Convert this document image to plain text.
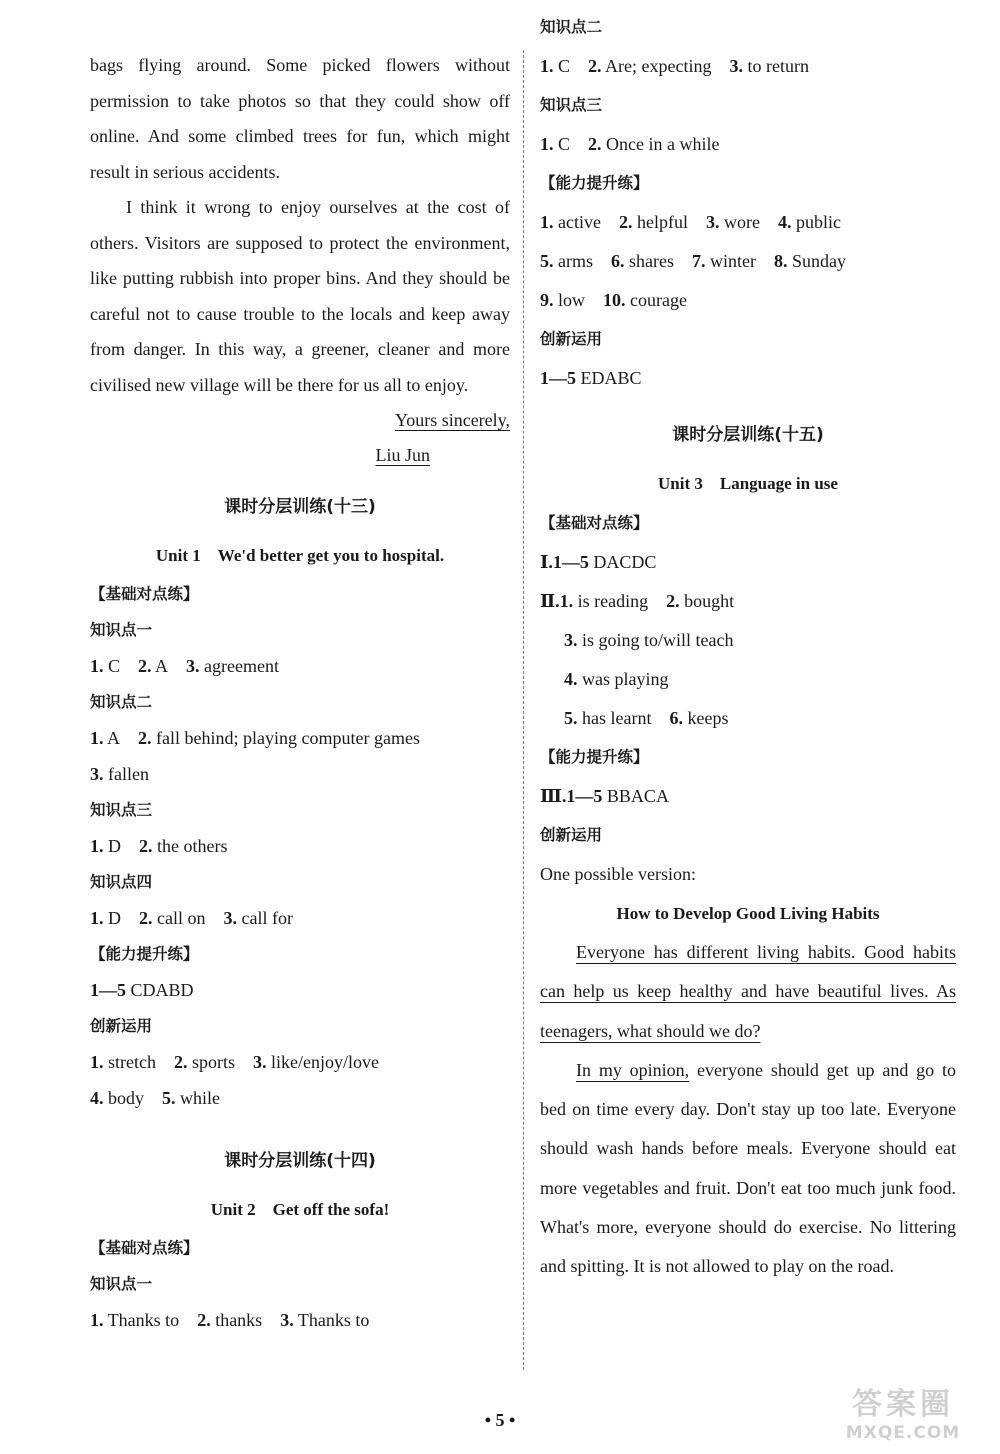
bags flying around. Some picked flowers without permission to take photos so that they could show off online. And some climbed trees for fun, which might result in serious accidents.
I think it wrong to enjoy ourselves at the cost of others. Visitors are supposed to protect the environment, like putting rubbish into proper bins. And they should be careful not to cause trouble to the locals and keep away from danger. In this way, a greener, cleaner and more civilised new village will be there for us all to enjoy.
Yours sincerely,
Liu Jun
课时分层训练(十三)
Unit 1　We'd better get you to hospital.
【基础对点练】
知识点一
1. C 2. A 3. agreement
知识点二
1. A 2. fall behind; playing computer games
3. fallen
知识点三
1. D 2. the others
知识点四
1. D 2. call on 3. call for
【能力提升练】
1—5 CDABD
创新运用
1. stretch 2. sports 3. like/enjoy/love
4. body 5. while
课时分层训练(十四)
Unit 2　Get off the sofa!
【基础对点练】
知识点一
1. Thanks to 2. thanks 3. Thanks to
知识点二
1. C 2. Are; expecting 3. to return
知识点三
1. C 2. Once in a while
【能力提升练】
1. active 2. helpful 3. wore 4. public
5. arms 6. shares 7. winter 8. Sunday
9. low 10. courage
创新运用
1—5 EDABC
课时分层训练(十五)
Unit 3　Language in use
【基础对点练】
Ⅰ.1—5 DACDC
Ⅱ.1. is reading 2. bought
3. is going to/will teach
4. was playing
5. has learnt 6. keeps
【能力提升练】
Ⅲ.1—5 BBACA
创新运用
One possible version:
How to Develop Good Living Habits
Everyone has different living habits. Good habits can help us keep healthy and have beautiful lives. As teenagers, what should we do?
In my opinion, everyone should get up and go to bed on time every day. Don't stay up too late. Everyone should wash hands before meals. Everyone should eat more vegetables and fruit. Don't eat too much junk food. What's more, everyone should do exercise. No littering and spitting. It is not allowed to play on the road.
• 5 •	答案圈
MXQE.COM
